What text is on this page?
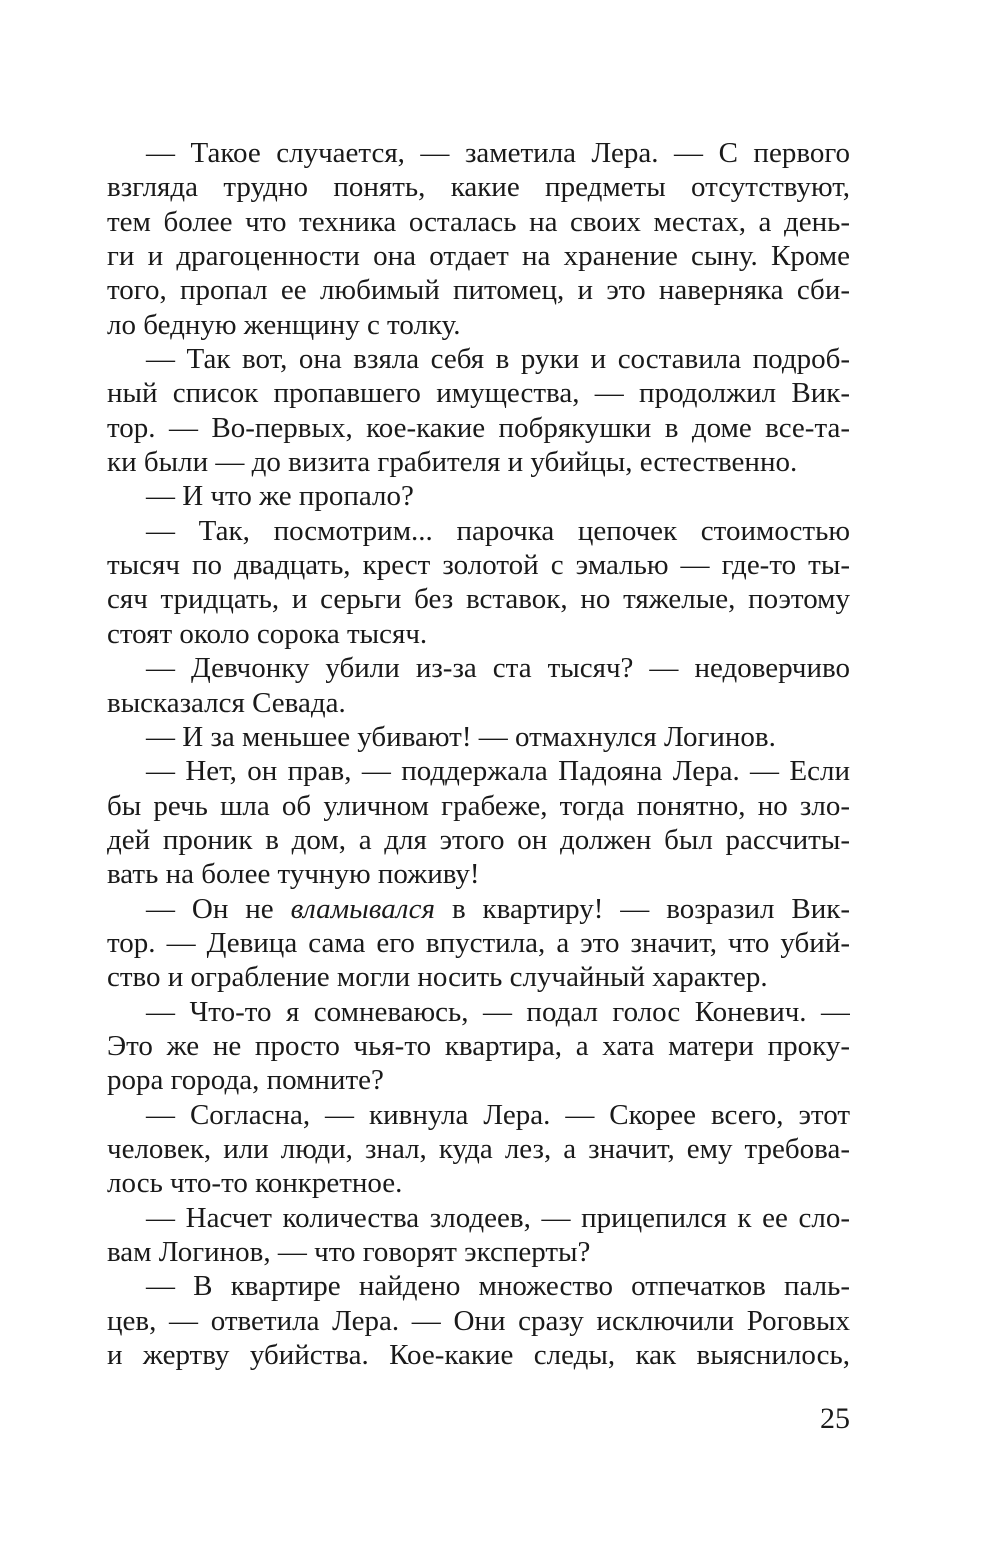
— Такое случается, — заметила Лера. — С первого
взгляда трудно понять, какие предметы отсутствуют,
тем более что техника осталась на своих местах, а день-
ги и драгоценности она отдает на хранение сыну. Кроме
того, пропал ее любимый питомец, и это наверняка сби-
ло бедную женщину с толку.
— Так вот, она взяла себя в руки и составила подроб-
ный список пропавшего имущества, — продолжил Вик-
тор. — Во-первых, кое-какие побрякушки в доме все-та-
ки были — до визита грабителя и убийцы, естественно.
— И что же пропало?
— Так, посмотрим... парочка цепочек стоимостью
тысяч по двадцать, крест золотой с эмалью — где-то ты-
сяч тридцать, и серьги без вставок, но тяжелые, поэтому
стоят около сорока тысяч.
— Девчонку убили из-за ста тысяч? — недоверчиво
высказался Севада.
— И за меньшее убивают! — отмахнулся Логинов.
— Нет, он прав, — поддержала Падояна Лера. — Если
бы речь шла об уличном грабеже, тогда понятно, но зло-
дей проник в дом, а для этого он должен был рассчиты-
вать на более тучную поживу!
— Он не вламывался в квартиру! — возразил Вик-
тор. — Девица сама его впустила, а это значит, что убий-
ство и ограбление могли носить случайный характер.
— Что-то я сомневаюсь, — подал голос Коневич. —
Это же не просто чья-то квартира, а хата матери проку-
рора города, помните?
— Согласна, — кивнула Лера. — Скорее всего, этот
человек, или люди, знал, куда лез, а значит, ему требова-
лось что-то конкретное.
— Насчет количества злодеев, — прицепился к ее сло-
вам Логинов, — что говорят эксперты?
— В квартире найдено множество отпечатков паль-
цев, — ответила Лера. — Они сразу исключили Роговых
и жертву убийства. Кое-какие следы, как выяснилось,
25
